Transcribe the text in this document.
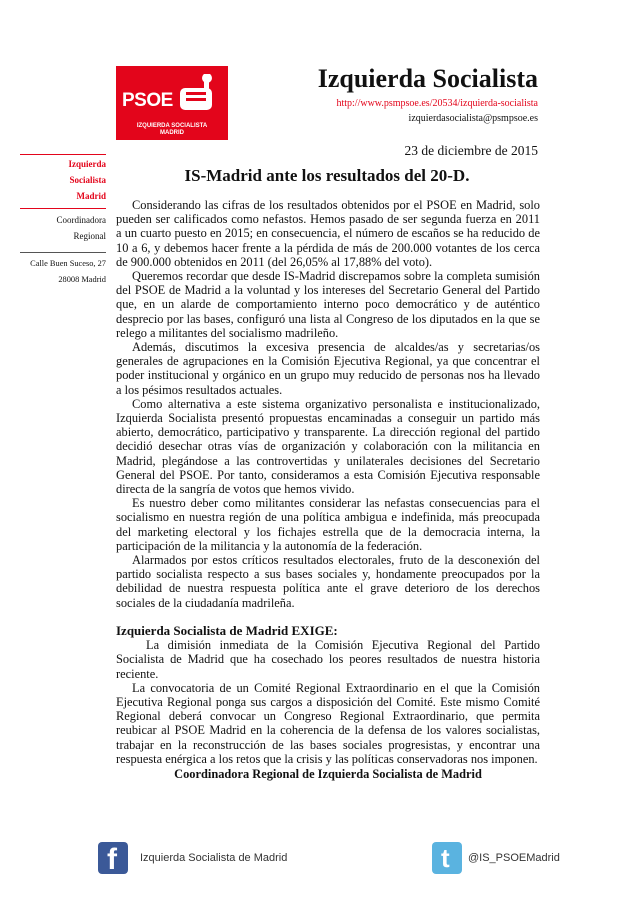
PSOE
IZQUIERDA SOCIALISTA
MADRID
Izquierda Socialista
http://www.psmpsoe.es/20534/izquierda-socialista
izquierdasocialista@psmpsoe.es
23 de diciembre de 2015
Izquierda
Socialista
Madrid
Coordinadora
Regional
Calle Buen Suceso, 27
28008 Madrid
IS-Madrid ante los resultados del 20-D.

Considerando las cifras de los resultados obtenidos por el PSOE en Madrid, solo pueden ser calificados como nefastos. Hemos pasado de ser segunda fuerza en 2011 a un cuarto puesto en 2015; en consecuencia, el número de escaños se ha reducido de 10 a 6, y debemos hacer frente a la pérdida de más de 200.000 votantes de los cerca de 900.000 obtenidos en 2011 (del 26,05% al 17,88% del voto).

Queremos recordar que desde IS-Madrid discrepamos sobre la completa sumisión del PSOE de Madrid a la voluntad y los intereses del Secretario General del Partido que, en un alarde de comportamiento interno poco democrático y de auténtico desprecio por las bases, configuró una lista al Congreso de los diputados en la que se relego a militantes del socialismo madrileño.

Además, discutimos la excesiva presencia de alcaldes/as y secretarias/os generales de agrupaciones en la Comisión Ejecutiva Regional, ya que concentrar el poder institucional y orgánico en un grupo muy reducido de personas nos ha llevado a los pésimos resultados actuales.

Como alternativa a este sistema organizativo personalista e institucionalizado, Izquierda Socialista presentó propuestas encaminadas a conseguir un partido más abierto, democrático, participativo y transparente. La dirección regional del partido decidió desechar otras vías de organización y colaboración con la militancia en Madrid, plegándose a las controvertidas y unilaterales decisiones del Secretario General del PSOE. Por tanto, consideramos a esta Comisión Ejecutiva responsable directa de la sangría de votos que hemos vivido.

Es nuestro deber como militantes considerar las nefastas consecuencias para el socialismo en nuestra región de una política ambigua e indefinida, más preocupada del marketing electoral y los fichajes estrella que de la democracia interna, la participación de la militancia y la autonomía de la federación.

Alarmados por estos críticos resultados electorales, fruto de la desconexión del partido socialista respecto a sus bases sociales y, hondamente preocupados por la debilidad de nuestra respuesta política ante el grave deterioro de los derechos sociales de la ciudadanía madrileña.

Izquierda Socialista de Madrid EXIGE:

La dimisión inmediata de la Comisión Ejecutiva Regional del Partido Socialista de Madrid que ha cosechado los peores resultados de nuestra historia reciente.

La convocatoria de un Comité Regional Extraordinario en el que la Comisión Ejecutiva Regional ponga sus cargos a disposición del Comité. Este mismo Comité Regional deberá convocar un Congreso Regional Extraordinario, que permita reubicar al PSOE Madrid en la coherencia de la defensa de los valores socialistas, trabajar en la reconstrucción de las bases sociales progresistas, y encontrar una respuesta enérgica a los retos que la crisis y las políticas conservadoras nos imponen.

Coordinadora Regional de Izquierda Socialista de Madrid

f Izquierda Socialista de Madrid	t @IS_PSOEMadrid
